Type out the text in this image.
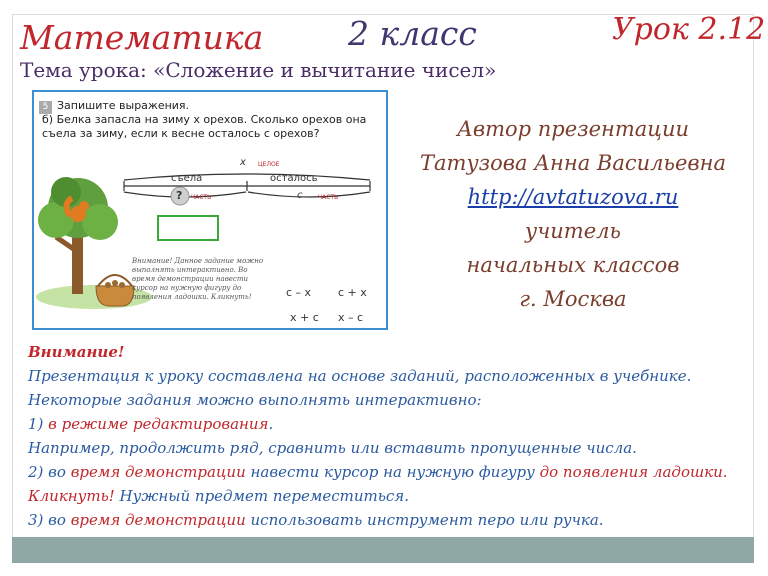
Математика	2 класс	Урок 2.12
Тема урока: «Сложение и вычитание чисел»
5 Запишите выражения.
б) Белка запасла на зиму x орехов. Сколько орехов она съела за зиму, если к весне осталось c орехов?
x ЦЕЛОЕ
съела	осталось
? ЧАСТЬ	c	ЧАСТЬ
Внимание! Данное задание можно выполнять интерактивно. Во время демонстрации навести курсор на нужную фигуру до появления ладошки. Кликнуть!	c – x c + x
x + c x – c
Автор презентации
Татузова Анна Васильевна
http://avtatuzova.ru
учитель
начальных классов
г. Москва
Внимание!
Презентация к уроку составлена на основе заданий, расположенных в учебнике.
Некоторые задания можно выполнять интерактивно:
1) в режиме редактирования.
Например, продолжить ряд, сравнить или вставить пропущенные числа.
2) во время демонстрации навести курсор на нужную фигуру до появления ладошки.
Кликнуть! Нужный предмет переместиться.
3) во время демонстрации использовать инструмент перо или ручка.
